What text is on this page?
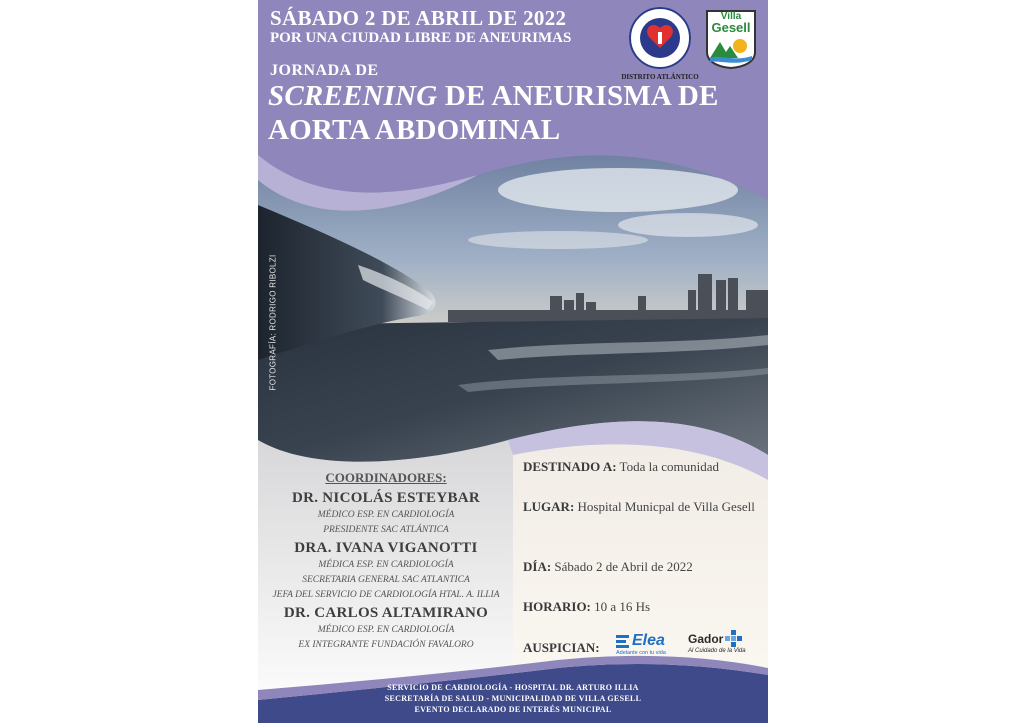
SÁBADO 2 DE ABRIL DE 2022
POR UNA CIUDAD LIBRE DE ANEURIMAS
JORNADA DE
SCREENING DE ANEURISMA DE
AORTA ABDOMINAL
DISTRITO ATLÁNTICO
Villa
Gesell
FOTOGRAFÍA: RODRIGO RIBOLZI
COORDINADORES:
DR. NICOLÁS ESTEYBAR
MÉDICO ESP. EN CARDIOLOGÍA
PRESIDENTE SAC ATLÁNTICA
DRA. IVANA VIGANOTTI
MÉDICA ESP. EN CARDIOLOGÍA
SECRETARIA GENERAL SAC ATLANTICA
JEFA DEL SERVICIO DE CARDIOLOGÍA HTAL. A. ILLIA
DR. CARLOS ALTAMIRANO
MÉDICO ESP. EN CARDIOLOGÍA
EX INTEGRANTE FUNDACIÓN FAVALORO
DESTINADO A: Toda la comunidad
LUGAR: Hospital Municpal de Villa Gesell
DÍA: Sábado 2 de Abril de 2022
HORARIO: 10 a 16 Hs
AUSPICIAN:	Elea
Adelante con tu vida
Gador
Al Cuidado de la Vida
SERVICIO DE CARDIOLOGÍA - HOSPITAL DR. ARTURO ILLIA
SECRETARÍA DE SALUD - MUNICIPALIDAD DE VILLA GESELL
EVENTO DECLARADO DE INTERÉS MUNICIPAL
